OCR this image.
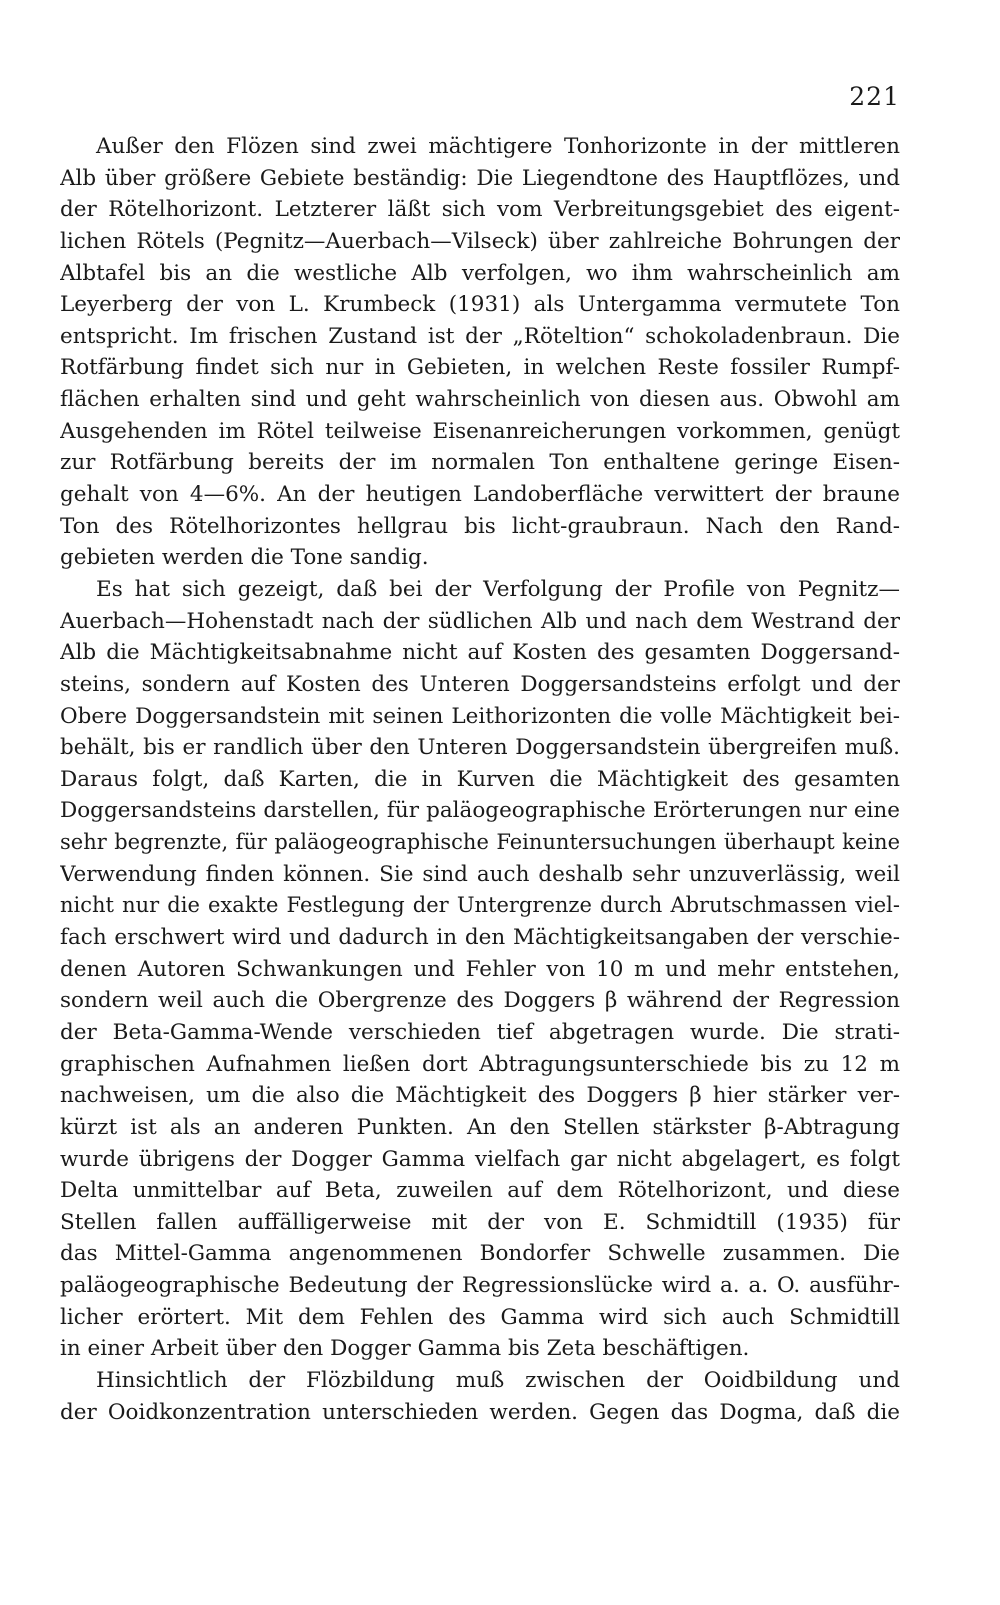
221
Außer den Flözen sind zwei mächtigere Tonhorizonte in der mittleren
Alb über größere Gebiete beständig: Die Liegendtone des Hauptflözes, und
der Rötelhorizont. Letzterer läßt sich vom Verbreitungsgebiet des eigent-
lichen Rötels (Pegnitz—Auerbach—Vilseck) über zahlreiche Bohrungen der
Albtafel bis an die westliche Alb verfolgen, wo ihm wahrscheinlich am
Leyerberg der von L. Krumbeck (1931) als Untergamma vermutete Ton
entspricht. Im frischen Zustand ist der „Röteltion“ schokoladenbraun. Die
Rotfärbung findet sich nur in Gebieten, in welchen Reste fossiler Rumpf-
flächen erhalten sind und geht wahrscheinlich von diesen aus. Obwohl am
Ausgehenden im Rötel teilweise Eisenanreicherungen vorkommen, genügt
zur Rotfärbung bereits der im normalen Ton enthaltene geringe Eisen-
gehalt von 4—6%. An der heutigen Landoberfläche verwittert der braune
Ton des Rötelhorizontes hellgrau bis licht-graubraun. Nach den Rand-
gebieten werden die Tone sandig.
Es hat sich gezeigt, daß bei der Verfolgung der Profile von Pegnitz—
Auerbach—Hohenstadt nach der südlichen Alb und nach dem Westrand der
Alb die Mächtigkeitsabnahme nicht auf Kosten des gesamten Doggersand-
steins, sondern auf Kosten des Unteren Doggersandsteins erfolgt und der
Obere Doggersandstein mit seinen Leithorizonten die volle Mächtigkeit bei-
behält, bis er randlich über den Unteren Doggersandstein übergreifen muß.
Daraus folgt, daß Karten, die in Kurven die Mächtigkeit des gesamten
Doggersandsteins darstellen, für paläogeographische Erörterungen nur eine
sehr begrenzte, für paläogeographische Feinuntersuchungen überhaupt keine
Verwendung finden können. Sie sind auch deshalb sehr unzuverlässig, weil
nicht nur die exakte Festlegung der Untergrenze durch Abrutschmassen viel-
fach erschwert wird und dadurch in den Mächtigkeitsangaben der verschie-
denen Autoren Schwankungen und Fehler von 10 m und mehr entstehen,
sondern weil auch die Obergrenze des Doggers β während der Regression
der Beta-Gamma-Wende verschieden tief abgetragen wurde. Die strati-
graphischen Aufnahmen ließen dort Abtragungsunterschiede bis zu 12 m
nachweisen, um die also die Mächtigkeit des Doggers β hier stärker ver-
kürzt ist als an anderen Punkten. An den Stellen stärkster β-Abtragung
wurde übrigens der Dogger Gamma vielfach gar nicht abgelagert, es folgt
Delta unmittelbar auf Beta, zuweilen auf dem Rötelhorizont, und diese
Stellen fallen auffälligerweise mit der von E. Schmidtill (1935) für
das Mittel-Gamma angenommenen Bondorfer Schwelle zusammen. Die
paläogeographische Bedeutung der Regressionslücke wird a. a. O. ausführ-
licher erörtert. Mit dem Fehlen des Gamma wird sich auch Schmidtill
in einer Arbeit über den Dogger Gamma bis Zeta beschäftigen.
Hinsichtlich der Flözbildung muß zwischen der Ooidbildung und
der Ooidkonzentration unterschieden werden. Gegen das Dogma, daß die
